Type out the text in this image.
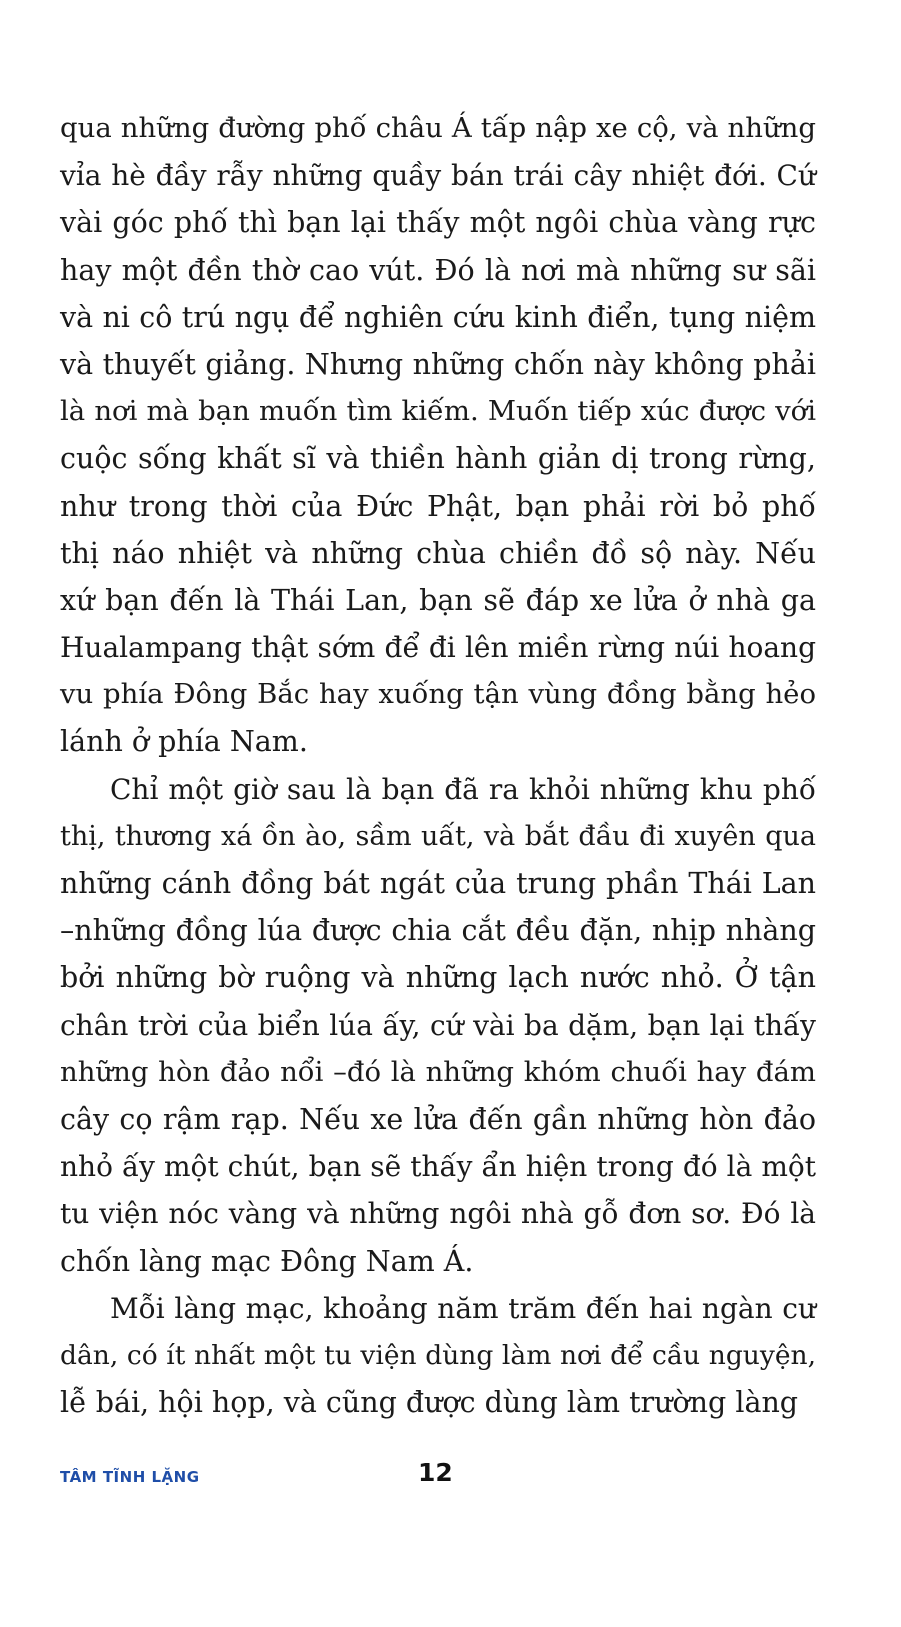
qua những đường phố châu Á tấp nập xe cộ, và những
vỉa hè đầy rẫy những quầy bán trái cây nhiệt đới. Cứ
vài góc phố thì bạn lại thấy một ngôi chùa vàng rực
hay một đền thờ cao vút. Đó là nơi mà những sư sãi
và ni cô trú ngụ để nghiên cứu kinh điển, tụng niệm
và thuyết giảng. Nhưng những chốn này không phải
là nơi mà bạn muốn tìm kiếm. Muốn tiếp xúc được với
cuộc sống khất sĩ và thiền hành giản dị trong rừng,
như trong thời của Đức Phật, bạn phải rời bỏ phố
thị náo nhiệt và những chùa chiền đồ sộ này. Nếu
xứ bạn đến là Thái Lan, bạn sẽ đáp xe lửa ở nhà ga
Hualampang thật sớm để đi lên miền rừng núi hoang
vu phía Đông Bắc hay xuống tận vùng đồng bằng hẻo
lánh ở phía Nam.
Chỉ một giờ sau là bạn đã ra khỏi những khu phố
thị, thương xá ồn ào, sầm uất, và bắt đầu đi xuyên qua
những cánh đồng bát ngát của trung phần Thái Lan
–những đồng lúa được chia cắt đều đặn, nhịp nhàng
bởi những bờ ruộng và những lạch nước nhỏ. Ở tận
chân trời của biển lúa ấy, cứ vài ba dặm, bạn lại thấy
những hòn đảo nổi –đó là những khóm chuối hay đám
cây cọ rậm rạp. Nếu xe lửa đến gần những hòn đảo
nhỏ ấy một chút, bạn sẽ thấy ẩn hiện trong đó là một
tu viện nóc vàng và những ngôi nhà gỗ đơn sơ. Đó là
chốn làng mạc Đông Nam Á.
Mỗi làng mạc, khoảng năm trăm đến hai ngàn cư
dân, có ít nhất một tu viện dùng làm nơi để cầu nguyện,
lễ bái, hội họp, và cũng được dùng làm trường làng
TÂM TĨNH LẶNG	12
